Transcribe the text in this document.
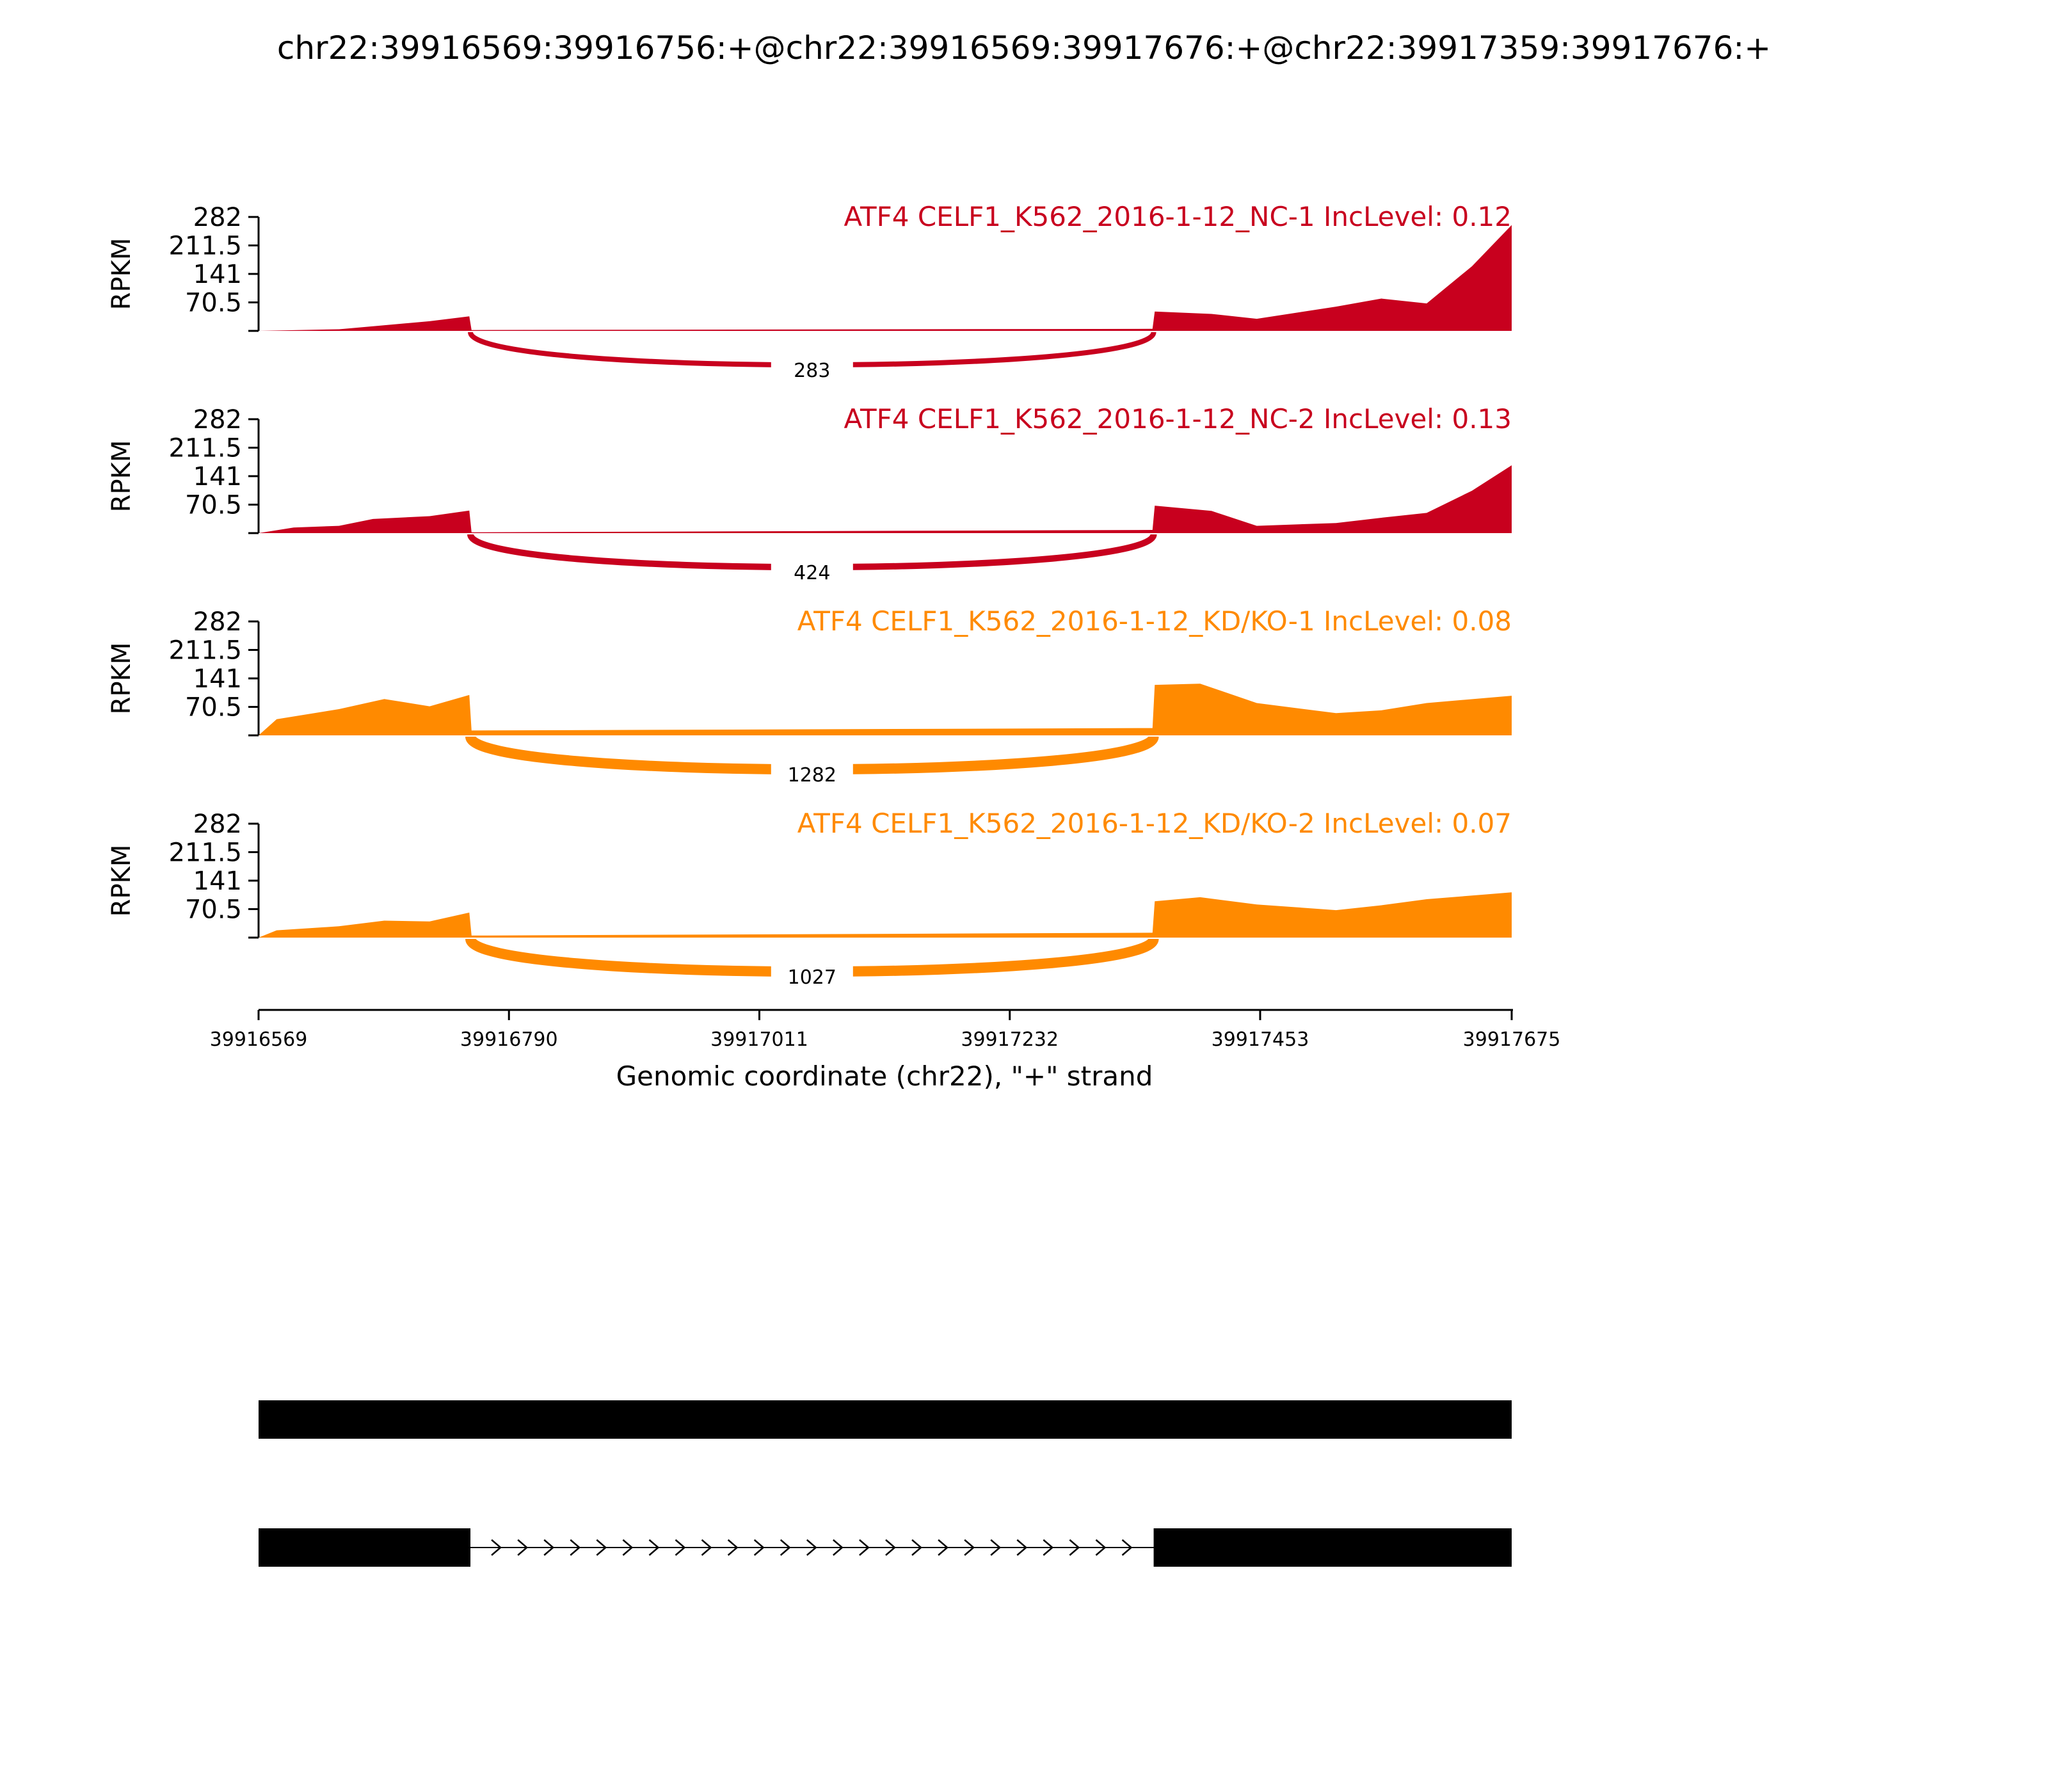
chr22:39916569:39916756:+@chr22:39916569:39917676:+@chr22:39917359:39917676:+
283
282
211.5
141
70.5
RPKM
ATF4 CELF1_K562_2016-1-12_NC-1 IncLevel: 0.12
424
282
211.5
141
70.5
RPKM
ATF4 CELF1_K562_2016-1-12_NC-2 IncLevel: 0.13
1282
282
211.5
141
70.5
RPKM
ATF4 CELF1_K562_2016-1-12_KD/KO-1 IncLevel: 0.08
1027
282
211.5
141
70.5
RPKM
ATF4 CELF1_K562_2016-1-12_KD/KO-2 IncLevel: 0.07
39916569	39916790	39917011	39917232	39917453	39917675
Genomic coordinate (chr22), "+" strand
